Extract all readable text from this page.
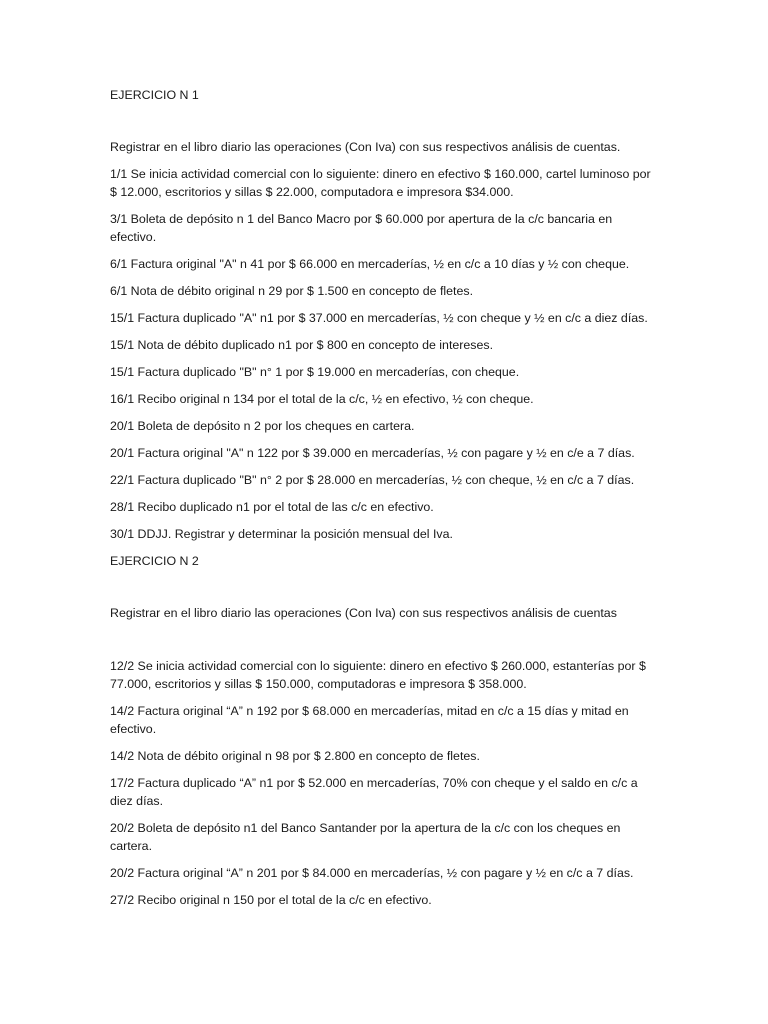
EJERCICIO N 1

Registrar en el libro diario las operaciones (Con Iva) con sus respectivos análisis de cuentas.

1/1 Se inicia actividad comercial con lo siguiente: dinero en efectivo $ 160.000, cartel luminoso por $ 12.000, escritorios y sillas $ 22.000, computadora e impresora $34.000.

3/1 Boleta de depósito n 1 del Banco Macro por $ 60.000 por apertura de la c/c bancaria en efectivo.

6/1 Factura original "A" n 41 por $ 66.000 en mercaderías, ½ en c/c a 10 días y ½ con cheque.

6/1 Nota de débito original n 29 por $ 1.500 en concepto de fletes.

15/1 Factura duplicado "A" n1 por $ 37.000 en mercaderías, ½ con cheque y ½ en c/c a diez días.

15/1 Nota de débito duplicado n1 por $ 800 en concepto de intereses.

15/1 Factura duplicado "B" n° 1 por $ 19.000 en mercaderías, con cheque.

16/1 Recibo original n 134 por el total de la c/c, ½ en efectivo, ½ con cheque.

20/1 Boleta de depósito n 2 por los cheques en cartera.

20/1 Factura original "A" n 122 por $ 39.000 en mercaderías, ½ con pagare y ½ en c/e a 7 días.

22/1 Factura duplicado "B" n° 2 por $ 28.000 en mercaderías, ½ con cheque, ½ en c/c a 7 días.

28/1 Recibo duplicado n1 por el total de las c/c en efectivo.

30/1 DDJJ. Registrar y determinar la posición mensual del Iva.

EJERCICIO N 2

Registrar en el libro diario las operaciones (Con Iva) con sus respectivos análisis de cuentas

12/2 Se inicia actividad comercial con lo siguiente: dinero en efectivo $ 260.000, estanterías por $ 77.000, escritorios y sillas $ 150.000, computadoras e impresora $ 358.000.

14/2 Factura original “A” n 192 por $ 68.000 en mercaderías, mitad en c/c a 15 días y mitad en efectivo.

14/2 Nota de débito original n 98 por $ 2.800 en concepto de fletes.

17/2 Factura duplicado “A” n1 por $ 52.000 en mercaderías, 70% con cheque y el saldo en c/c a diez días.

20/2 Boleta de depósito n1 del Banco Santander por la apertura de la c/c con los cheques en cartera.

20/2 Factura original “A” n 201 por $ 84.000 en mercaderías, ½ con pagare y ½ en c/c a 7 días.

27/2 Recibo original n 150 por el total de la c/c en efectivo.
